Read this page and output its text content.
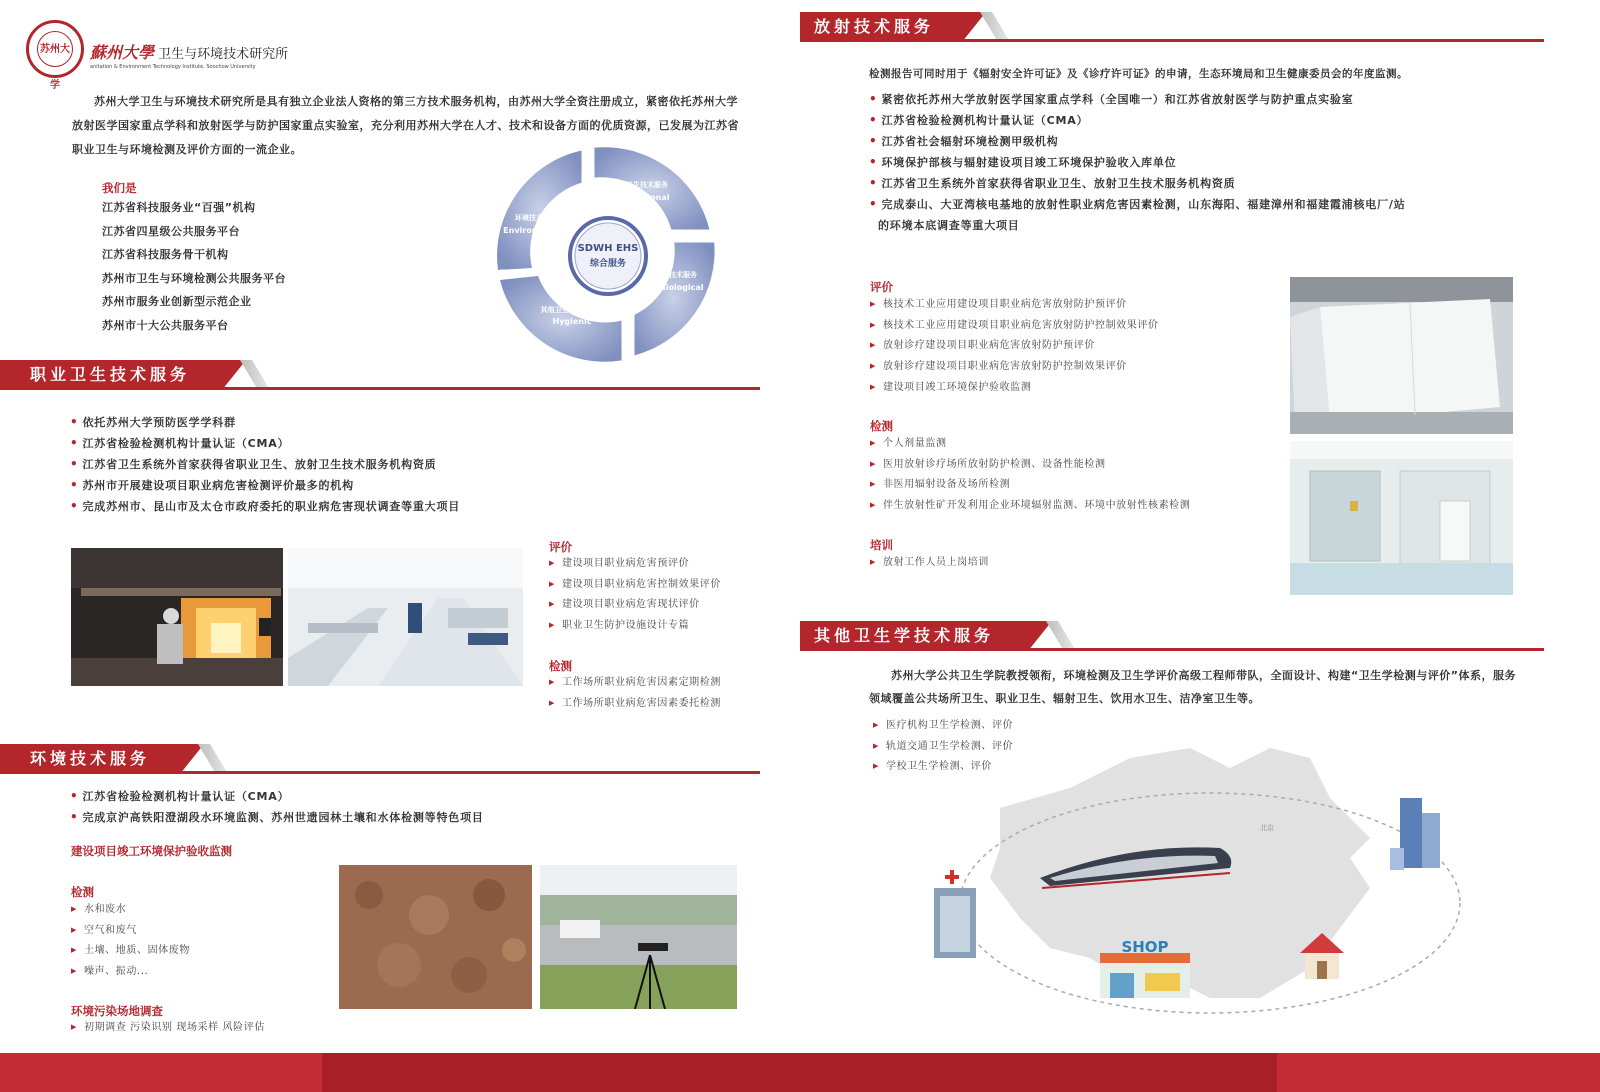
苏州大学
蘇州大學 卫生与环境技术研究所
anitation & Environment Technology Institute, Soochow University

苏州大学卫生与环境技术研究所是具有独立企业法人资格的第三方技术服务机构，由苏州大学全资注册成立，紧密依托苏州大学放射医学国家重点学科和放射医学与防护国家重点实验室，充分利用苏州大学在人才、技术和设备方面的优质资源，已发展为江苏省职业卫生与环境检测及评价方面的一流企业。

我们是
江苏省科技服务业“百强”机构
江苏省四星级公共服务平台
江苏省科技服务骨干机构
苏州市卫生与环境检测公共服务平台
苏州市服务业创新型示范企业
苏州市十大公共服务平台
SDWH EHS
综合服务
职业卫生技术服务
Occupational
放射技术服务
Radiological
其他卫生学技术服务
Hygienic
环境技术服务
Environmental
职业卫生技术服务
• 依托苏州大学预防医学学科群
• 江苏省检验检测机构计量认证（CMA）
• 江苏省卫生系统外首家获得省职业卫生、放射卫生技术服务机构资质
• 苏州市开展建设项目职业病危害检测评价最多的机构
• 完成苏州市、昆山市及太仓市政府委托的职业病危害现状调查等重大项目
评价
▶ 建设项目职业病危害预评价
▶ 建设项目职业病危害控制效果评价
▶ 建设项目职业病危害现状评价
▶ 职业卫生防护设施设计专篇
检测
▶ 工作场所职业病危害因素定期检测
▶ 工作场所职业病危害因素委托检测
环境技术服务
• 江苏省检验检测机构计量认证（CMA）
• 完成京沪高铁阳澄湖段水环境监测、苏州世遗园林土壤和水体检测等特色项目
建设项目竣工环境保护验收监测
检测
▶ 水和废水
▶ 空气和废气
▶ 土壤、地质、固体废物
▶ 噪声、振动...
环境污染场地调查
▶ 初期调查 污染识别 现场采样 风险评估
放射技术服务

检测报告可同时用于《辐射安全许可证》及《诊疗许可证》的申请，生态环境局和卫生健康委员会的年度监测。

• 紧密依托苏州大学放射医学国家重点学科（全国唯一）和江苏省放射医学与防护重点实验室
• 江苏省检验检测机构计量认证（CMA）
• 江苏省社会辐射环境检测甲级机构
• 环境保护部核与辐射建设项目竣工环境保护验收入库单位
• 江苏省卫生系统外首家获得省职业卫生、放射卫生技术服务机构资质
• 完成泰山、大亚湾核电基地的放射性职业病危害因素检测，山东海阳、福建漳州和福建霞浦核电厂/站
的环境本底调查等重大项目
评价
▶ 核技术工业应用建设项目职业病危害放射防护预评价
▶ 核技术工业应用建设项目职业病危害放射防护控制效果评价
▶ 放射诊疗建设项目职业病危害放射防护预评价
▶ 放射诊疗建设项目职业病危害放射防护控制效果评价
▶ 建设项目竣工环境保护验收监测
检测
▶ 个人剂量监测
▶ 医用放射诊疗场所放射防护检测、设备性能检测
▶ 非医用辐射设备及场所检测
▶ 伴生放射性矿开发利用企业环境辐射监测、环境中放射性核素检测
培训
▶ 放射工作人员上岗培训
其他卫生学技术服务

苏州大学公共卫生学院教授领衔，环境检测及卫生学评价高级工程师带队，全面设计、构建“卫生学检测与评价”体系，服务领域覆盖公共场所卫生、职业卫生、辐射卫生、饮用水卫生、洁净室卫生等。

▶ 医疗机构卫生学检测、评价
▶ 轨道交通卫生学检测、评价
▶ 学校卫生学检测、评价
北京
SHOP
